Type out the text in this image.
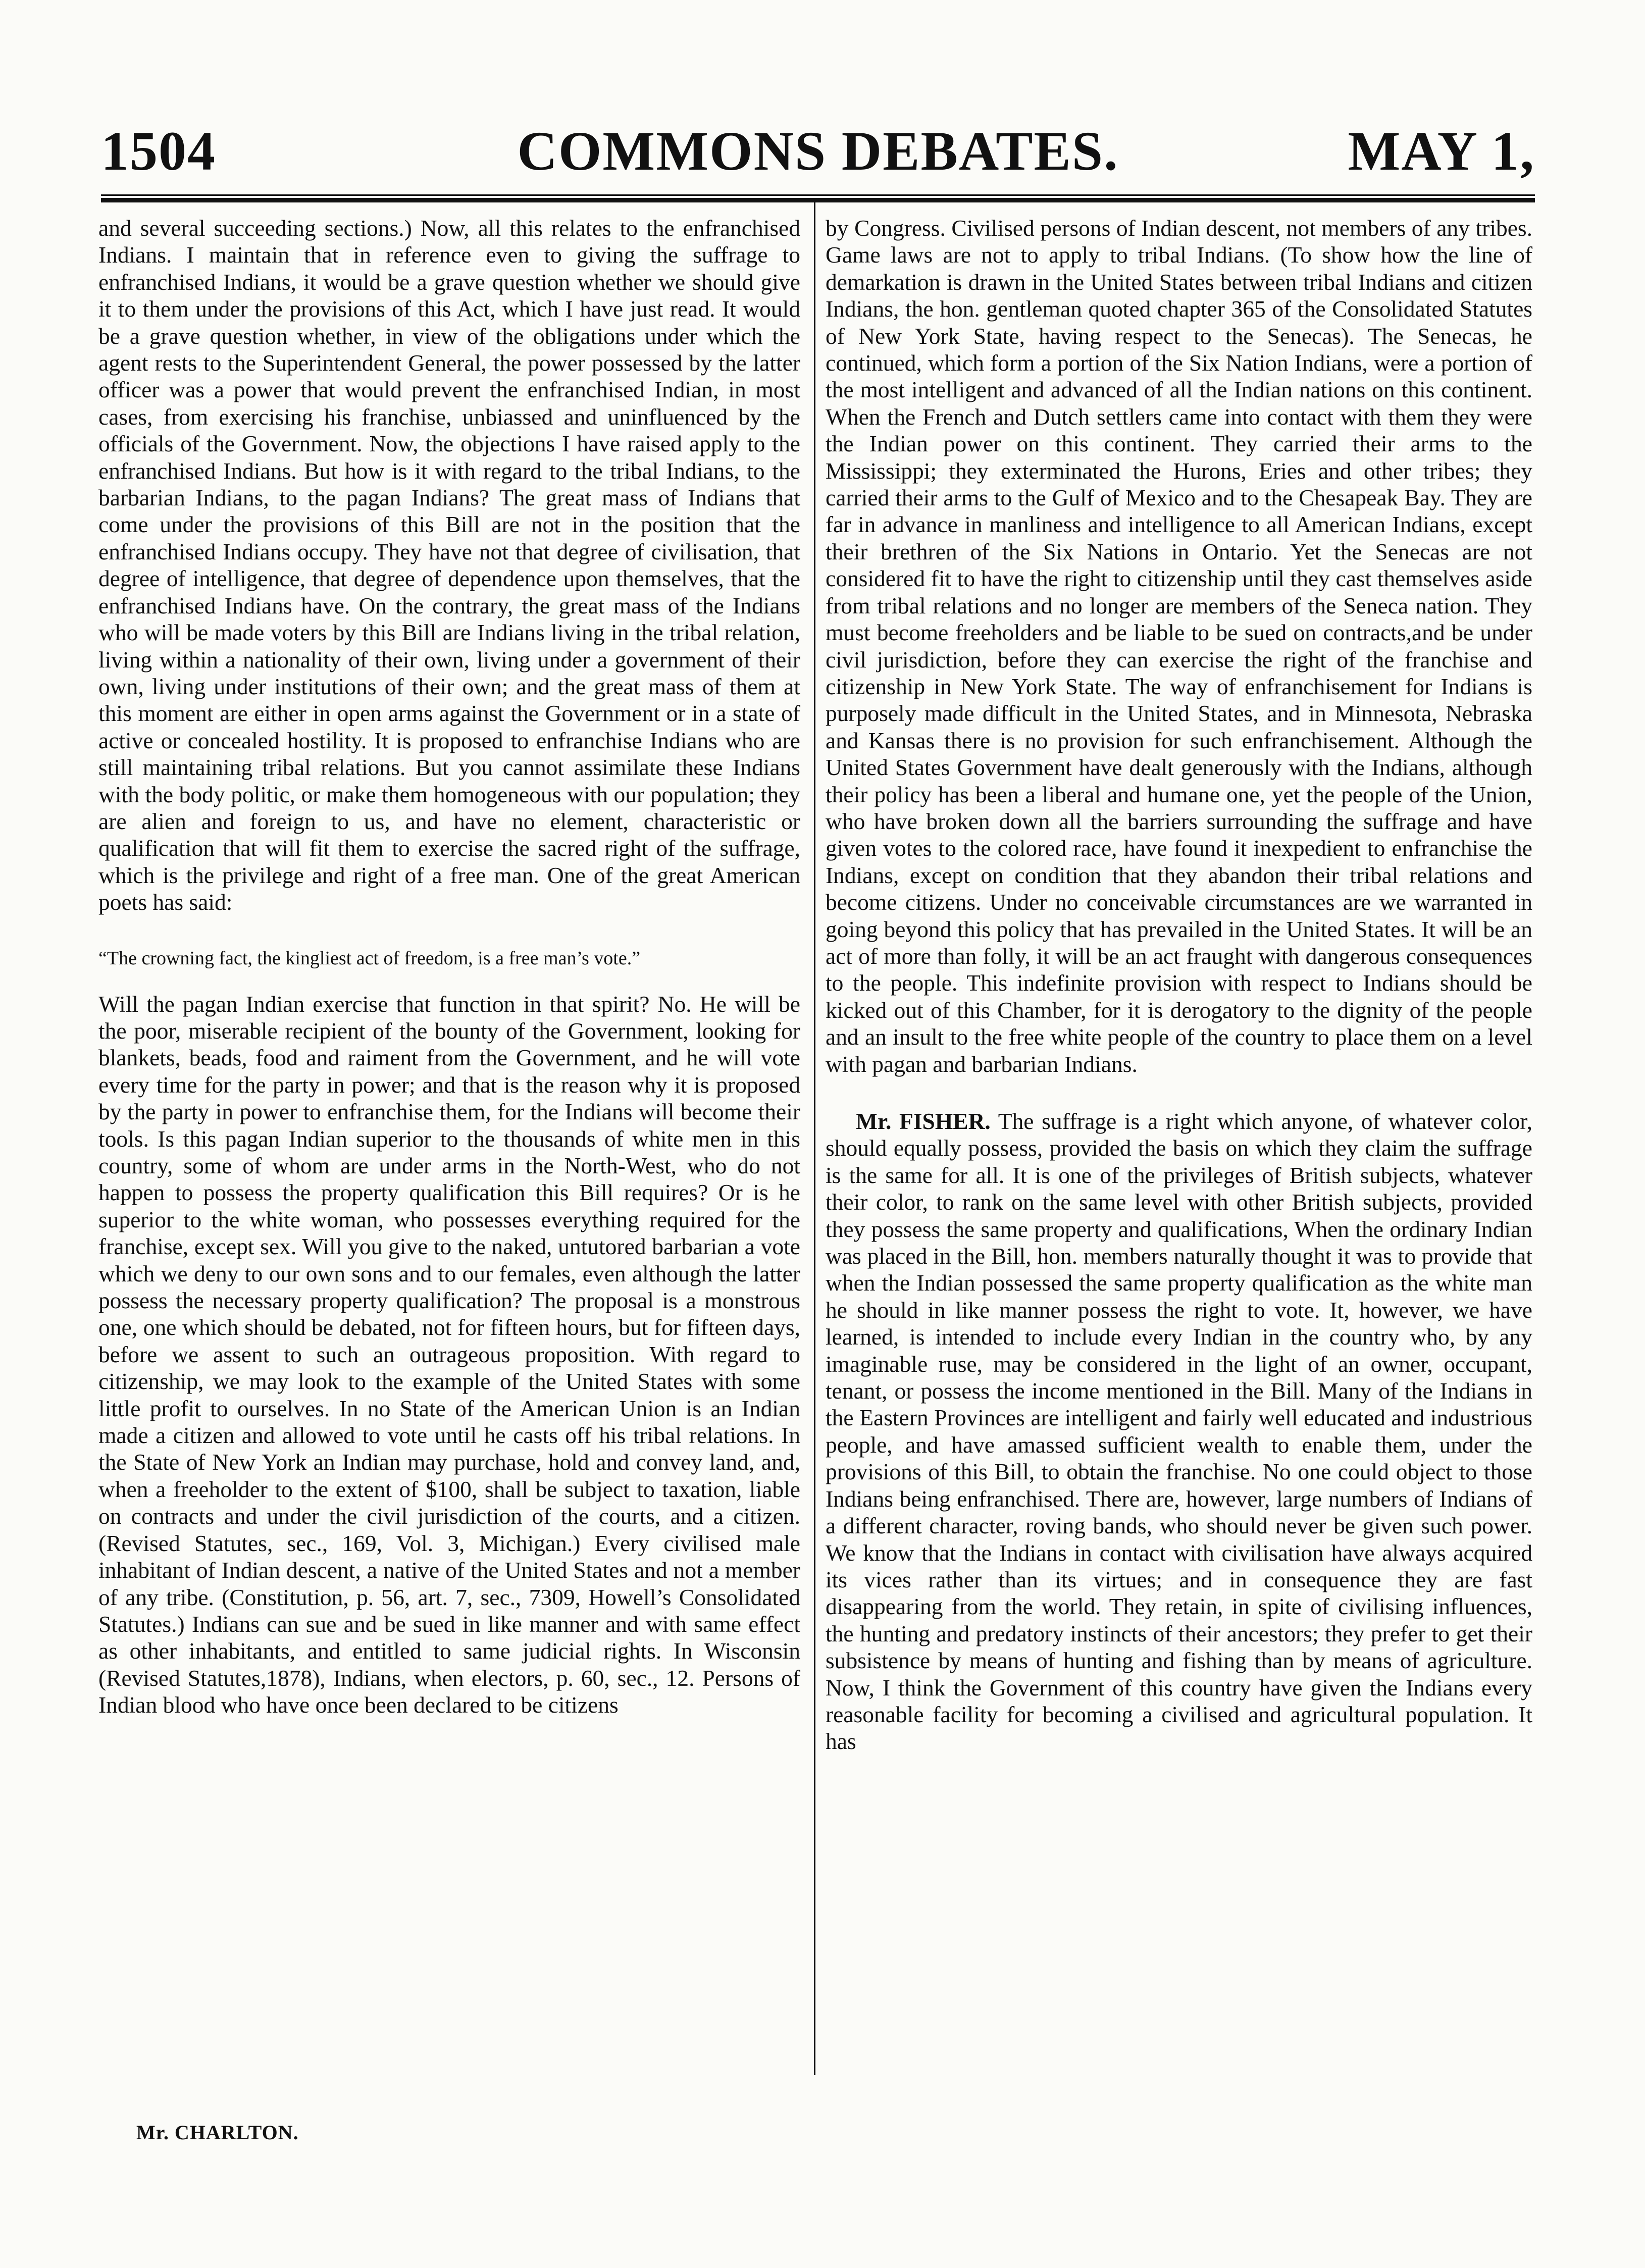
1504	COMMONS DEBATES.	MAY 1,

and several succeeding sections.) Now, all this relates to the enfranchised Indians. I maintain that in reference even to giving the suffrage to enfranchised Indians, it would be a grave question whether we should give it to them under the provisions of this Act, which I have just read. It would be a grave question whether, in view of the obligations under which the agent rests to the Superintendent General, the power possessed by the latter officer was a power that would prevent the enfranchised Indian, in most cases, from exercising his franchise, unbiassed and uninfluenced by the officials of the Government. Now, the objections I have raised apply to the enfranchised Indians. But how is it with regard to the tribal Indians, to the barbarian Indians, to the pagan Indians? The great mass of Indians that come under the provisions of this Bill are not in the position that the enfranchised Indians occupy. They have not that degree of civilisation, that degree of intelligence, that degree of dependence upon themselves, that the enfranchised Indians have. On the contrary, the great mass of the Indians who will be made voters by this Bill are Indians living in the tribal relation, living within a nationality of their own, living under a government of their own, living under institutions of their own; and the great mass of them at this moment are either in open arms against the Government or in a state of active or concealed hostility. It is proposed to enfranchise Indians who are still maintaining tribal relations. But you cannot assimilate these Indians with the body politic, or make them homogeneous with our population; they are alien and foreign to us, and have no element, characteristic or qualification that will fit them to exercise the sacred right of the suffrage, which is the privilege and right of a free man. One of the great American poets has said:

“The crowning fact, the kingliest act of freedom, is a free man’s vote.”

Will the pagan Indian exercise that function in that spirit? No. He will be the poor, miserable recipient of the bounty of the Government, looking for blankets, beads, food and raiment from the Government, and he will vote every time for the party in power; and that is the reason why it is proposed by the party in power to enfranchise them, for the Indians will become their tools. Is this pagan Indian superior to the thousands of white men in this country, some of whom are under arms in the North-West, who do not happen to possess the property qualification this Bill requires? Or is he superior to the white woman, who possesses everything required for the franchise, except sex. Will you give to the naked, untutored barbarian a vote which we deny to our own sons and to our females, even although the latter possess the necessary property qualification? The proposal is a monstrous one, one which should be debated, not for fifteen hours, but for fifteen days, before we assent to such an outrageous proposition. With regard to citizenship, we may look to the example of the United States with some little profit to ourselves. In no State of the American Union is an Indian made a citizen and allowed to vote until he casts off his tribal relations. In the State of New York an Indian may purchase, hold and convey land, and, when a freeholder to the extent of $100, shall be subject to taxation, liable on contracts and under the civil jurisdiction of the courts, and a citizen. (Revised Statutes, sec., 169, Vol. 3, Michigan.) Every civilised male inhabitant of Indian descent, a native of the United States and not a member of any tribe. (Constitution, p. 56, art. 7, sec., 7309, Howell’s Consolidated Statutes.) Indians can sue and be sued in like manner and with same effect as other inhabitants, and entitled to same judicial rights. In Wisconsin (Revised Statutes,1878), Indians, when electors, p. 60, sec., 12. Persons of Indian blood who have once been declared to be citizens

by Congress. Civilised persons of Indian descent, not members of any tribes. Game laws are not to apply to tribal Indians. (To show how the line of demarkation is drawn in the United States between tribal Indians and citizen Indians, the hon. gentleman quoted chapter 365 of the Consolidated Statutes of New York State, having respect to the Senecas). The Senecas, he continued, which form a portion of the Six Nation Indians, were a portion of the most intelligent and advanced of all the Indian nations on this continent. When the French and Dutch settlers came into contact with them they were the Indian power on this continent. They carried their arms to the Mississippi; they exterminated the Hurons, Eries and other tribes; they carried their arms to the Gulf of Mexico and to the Chesapeak Bay. They are far in advance in manliness and intelligence to all American Indians, except their brethren of the Six Nations in Ontario. Yet the Senecas are not considered fit to have the right to citizenship until they cast themselves aside from tribal relations and no longer are members of the Seneca nation. They must become freeholders and be liable to be sued on contracts,and be under civil jurisdiction, before they can exercise the right of the franchise and citizenship in New York State. The way of enfranchisement for Indians is purposely made difficult in the United States, and in Minnesota, Nebraska and Kansas there is no provision for such enfranchisement. Although the United States Government have dealt generously with the Indians, although their policy has been a liberal and humane one, yet the people of the Union, who have broken down all the barriers surrounding the suffrage and have given votes to the colored race, have found it inexpedient to enfranchise the Indians, except on condition that they abandon their tribal relations and become citizens. Under no conceivable circumstances are we warranted in going beyond this policy that has prevailed in the United States. It will be an act of more than folly, it will be an act fraught with dangerous consequences to the people. This indefinite provision with respect to Indians should be kicked out of this Chamber, for it is derogatory to the dignity of the people and an insult to the free white people of the country to place them on a level with pagan and barbarian Indians.

Mr. FISHER. The suffrage is a right which anyone, of whatever color, should equally possess, provided the basis on which they claim the suffrage is the same for all. It is one of the privileges of British subjects, whatever their color, to rank on the same level with other British subjects, provided they possess the same property and qualifications, When the ordinary Indian was placed in the Bill, hon. members naturally thought it was to provide that when the Indian possessed the same property qualification as the white man he should in like manner possess the right to vote. It, however, we have learned, is intended to include every Indian in the country who, by any imaginable ruse, may be considered in the light of an owner, occupant, tenant, or possess the income mentioned in the Bill. Many of the Indians in the Eastern Provinces are intelligent and fairly well educated and industrious people, and have amassed sufficient wealth to enable them, under the provisions of this Bill, to obtain the franchise. No one could object to those Indians being enfranchised. There are, however, large numbers of Indians of a different character, roving bands, who should never be given such power. We know that the Indians in contact with civilisation have always acquired its vices rather than its virtues; and in consequence they are fast disappearing from the world. They retain, in spite of civilising influences, the hunting and predatory instincts of their ancestors; they prefer to get their subsistence by means of hunting and fishing than by means of agriculture. Now, I think the Government of this country have given the Indians every reasonable facility for becoming a civilised and agricultural population. It has

Mr. CHARLTON.
